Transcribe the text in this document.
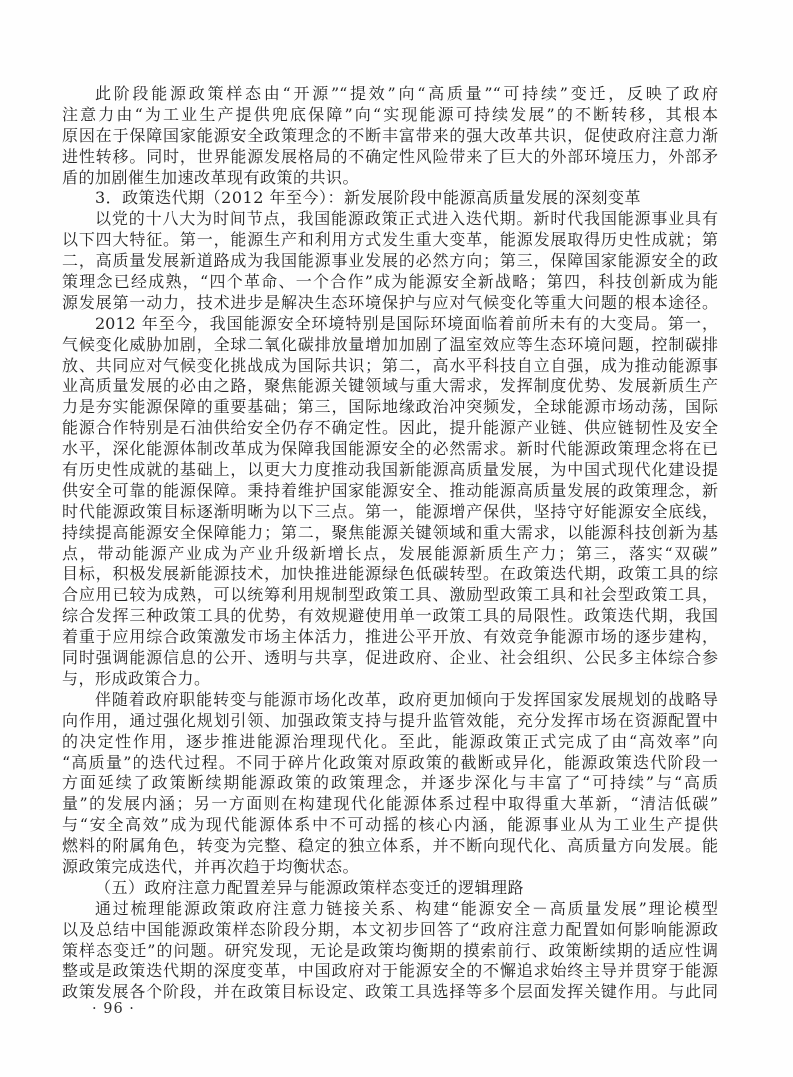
此阶段能源政策样态由“开源”“提效”向“高质量”“可持续”变迁，反映了政府
注意力由“为工业生产提供兜底保障”向“实现能源可持续发展”的不断转移，其根本
原因在于保障国家能源安全政策理念的不断丰富带来的强大改革共识，促使政府注意力渐
进性转移。同时，世界能源发展格局的不确定性风险带来了巨大的外部环境压力，外部矛
盾的加剧催生加速改革现有政策的共识。
3．政策迭代期（2012 年至今）：新发展阶段中能源高质量发展的深刻变革
以党的十八大为时间节点，我国能源政策正式进入迭代期。新时代我国能源事业具有
以下四大特征。第一，能源生产和利用方式发生重大变革，能源发展取得历史性成就；第
二，高质量发展新道路成为我国能源事业发展的必然方向；第三，保障国家能源安全的政
策理念已经成熟，“四个革命、一个合作”成为能源安全新战略；第四，科技创新成为能
源发展第一动力，技术进步是解决生态环境保护与应对气候变化等重大问题的根本途径。
2012 年至今，我国能源安全环境特别是国际环境面临着前所未有的大变局。第一，
气候变化威胁加剧，全球二氧化碳排放量增加加剧了温室效应等生态环境问题，控制碳排
放、共同应对气候变化挑战成为国际共识；第二，高水平科技自立自强，成为推动能源事
业高质量发展的必由之路，聚焦能源关键领域与重大需求，发挥制度优势、发展新质生产
力是夯实能源保障的重要基础；第三，国际地缘政治冲突频发，全球能源市场动荡，国际
能源合作特别是石油供给安全仍存不确定性。因此，提升能源产业链、供应链韧性及安全
水平，深化能源体制改革成为保障我国能源安全的必然需求。新时代能源政策理念将在已
有历史性成就的基础上，以更大力度推动我国新能源高质量发展，为中国式现代化建设提
供安全可靠的能源保障。秉持着维护国家能源安全、推动能源高质量发展的政策理念，新
时代能源政策目标逐渐明晰为以下三点。第一，能源增产保供，坚持守好能源安全底线，
持续提高能源安全保障能力；第二，聚焦能源关键领域和重大需求，以能源科技创新为基
点，带动能源产业成为产业升级新增长点，发展能源新质生产力；第三，落实“双碳”
目标，积极发展新能源技术，加快推进能源绿色低碳转型。在政策迭代期，政策工具的综
合应用已较为成熟，可以统筹利用规制型政策工具、激励型政策工具和社会型政策工具，
综合发挥三种政策工具的优势，有效规避使用单一政策工具的局限性。政策迭代期，我国
着重于应用综合政策激发市场主体活力，推进公平开放、有效竞争能源市场的逐步建构，
同时强调能源信息的公开、透明与共享，促进政府、企业、社会组织、公民多主体综合参
与，形成政策合力。
伴随着政府职能转变与能源市场化改革，政府更加倾向于发挥国家发展规划的战略导
向作用，通过强化规划引领、加强政策支持与提升监管效能，充分发挥市场在资源配置中
的决定性作用，逐步推进能源治理现代化。至此，能源政策正式完成了由“高效率”向
“高质量”的迭代过程。不同于碎片化政策对原政策的截断或异化，能源政策迭代阶段一
方面延续了政策断续期能源政策的政策理念，并逐步深化与丰富了“可持续”与“高质
量”的发展内涵；另一方面则在构建现代化能源体系过程中取得重大革新，“清洁低碳”
与“安全高效”成为现代能源体系中不可动摇的核心内涵，能源事业从为工业生产提供
燃料的附属角色，转变为完整、稳定的独立体系，并不断向现代化、高质量方向发展。能
源政策完成迭代，并再次趋于均衡状态。
（五）政府注意力配置差异与能源政策样态变迁的逻辑理路
通过梳理能源政策政府注意力链接关系、构建“能源安全－高质量发展”理论模型
以及总结中国能源政策样态阶段分期，本文初步回答了“政府注意力配置如何影响能源政
策样态变迁”的问题。研究发现，无论是政策均衡期的摸索前行、政策断续期的适应性调
整或是政策迭代期的深度变革，中国政府对于能源安全的不懈追求始终主导并贯穿于能源
政策发展各个阶段，并在政策目标设定、政策工具选择等多个层面发挥关键作用。与此同
· 96 ·
